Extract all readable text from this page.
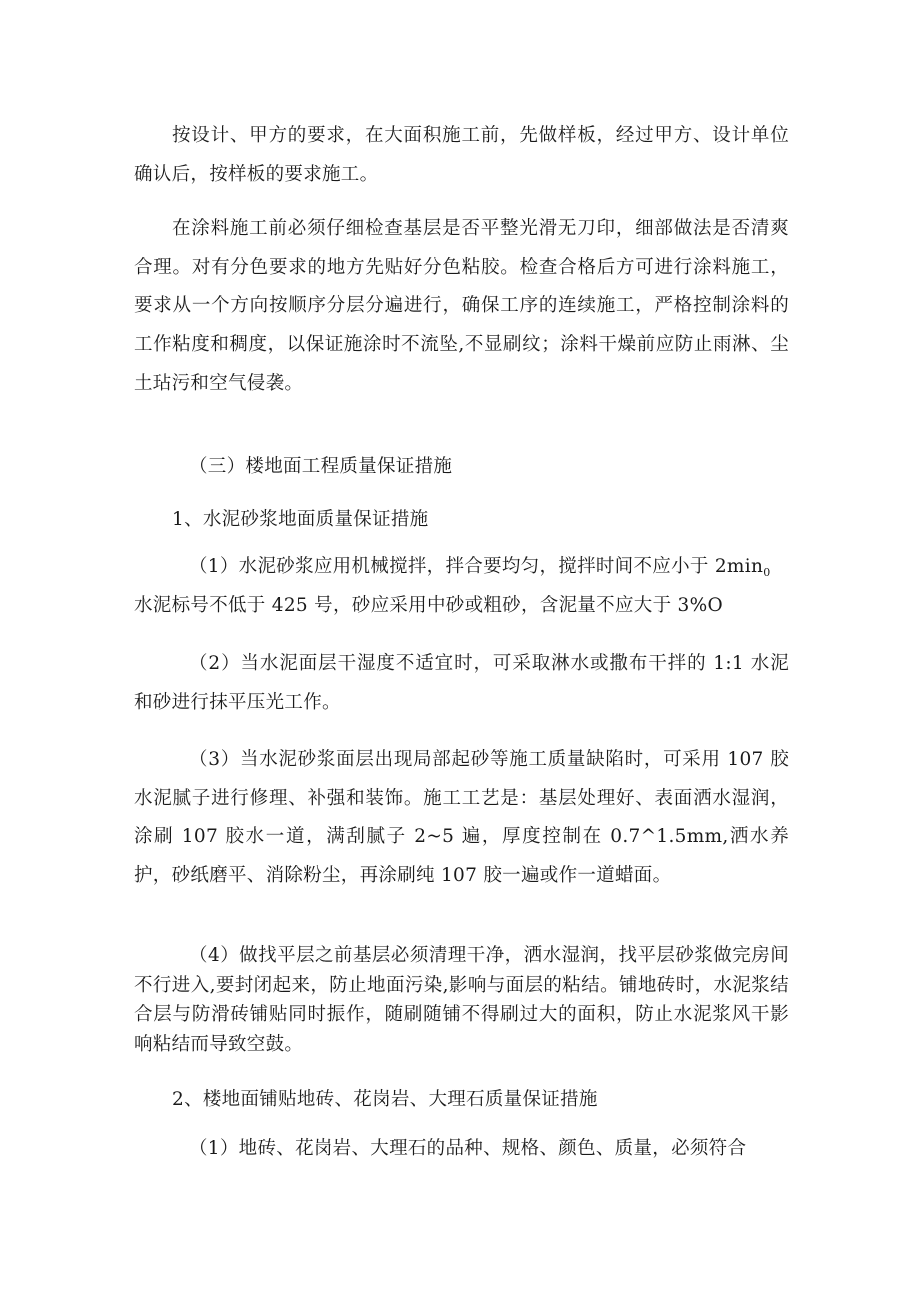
按设计、甲方的要求，在大面积施工前，先做样板，经过甲方、设计单位确认后，按样板的要求施工。

在涂料施工前必须仔细检查基层是否平整光滑无刀印，细部做法是否清爽合理。对有分色要求的地方先贴好分色粘胶。检查合格后方可进行涂料施工，要求从一个方向按顺序分层分遍进行，确保工序的连续施工，严格控制涂料的工作粘度和稠度，以保证施涂时不流坠,不显刷纹；涂料干燥前应防止雨淋、尘土玷污和空气侵袭。

（三）楼地面工程质量保证措施

1、水泥砂浆地面质量保证措施

（1）水泥砂浆应用机械搅拌，拌合要均匀，搅拌时间不应小于 $2\min_0$

水泥标号不低于 425 号，砂应采用中砂或粗砂，含泥量不应大于 3%O

（2）当水泥面层干湿度不适宜时，可采取淋水或撒布干拌的 1:1 水泥和砂进行抹平压光工作。

（3）当水泥砂浆面层出现局部起砂等施工质量缺陷时，可采用 107 胶水泥腻子进行修理、补强和装饰。施工工艺是：基层处理好、表面洒水湿润，涂刷 107 胶水一道，满刮腻子 2~5 遍，厚度控制在 0.7^1.5mm,洒水养护，砂纸磨平、消除粉尘，再涂刷纯 107 胶一遍或作一道蜡面。

（4）做找平层之前基层必须清理干净，洒水湿润，找平层砂浆做完房间不行进入,要封闭起来，防止地面污染,影响与面层的粘结。铺地砖时，水泥浆结合层与防滑砖铺贴同时振作，随刷随铺不得刷过大的面积，防止水泥浆风干影响粘结而导致空鼓。

2、楼地面铺贴地砖、花岗岩、大理石质量保证措施

（1）地砖、花岗岩、大理石的品种、规格、颜色、质量，必须符合
